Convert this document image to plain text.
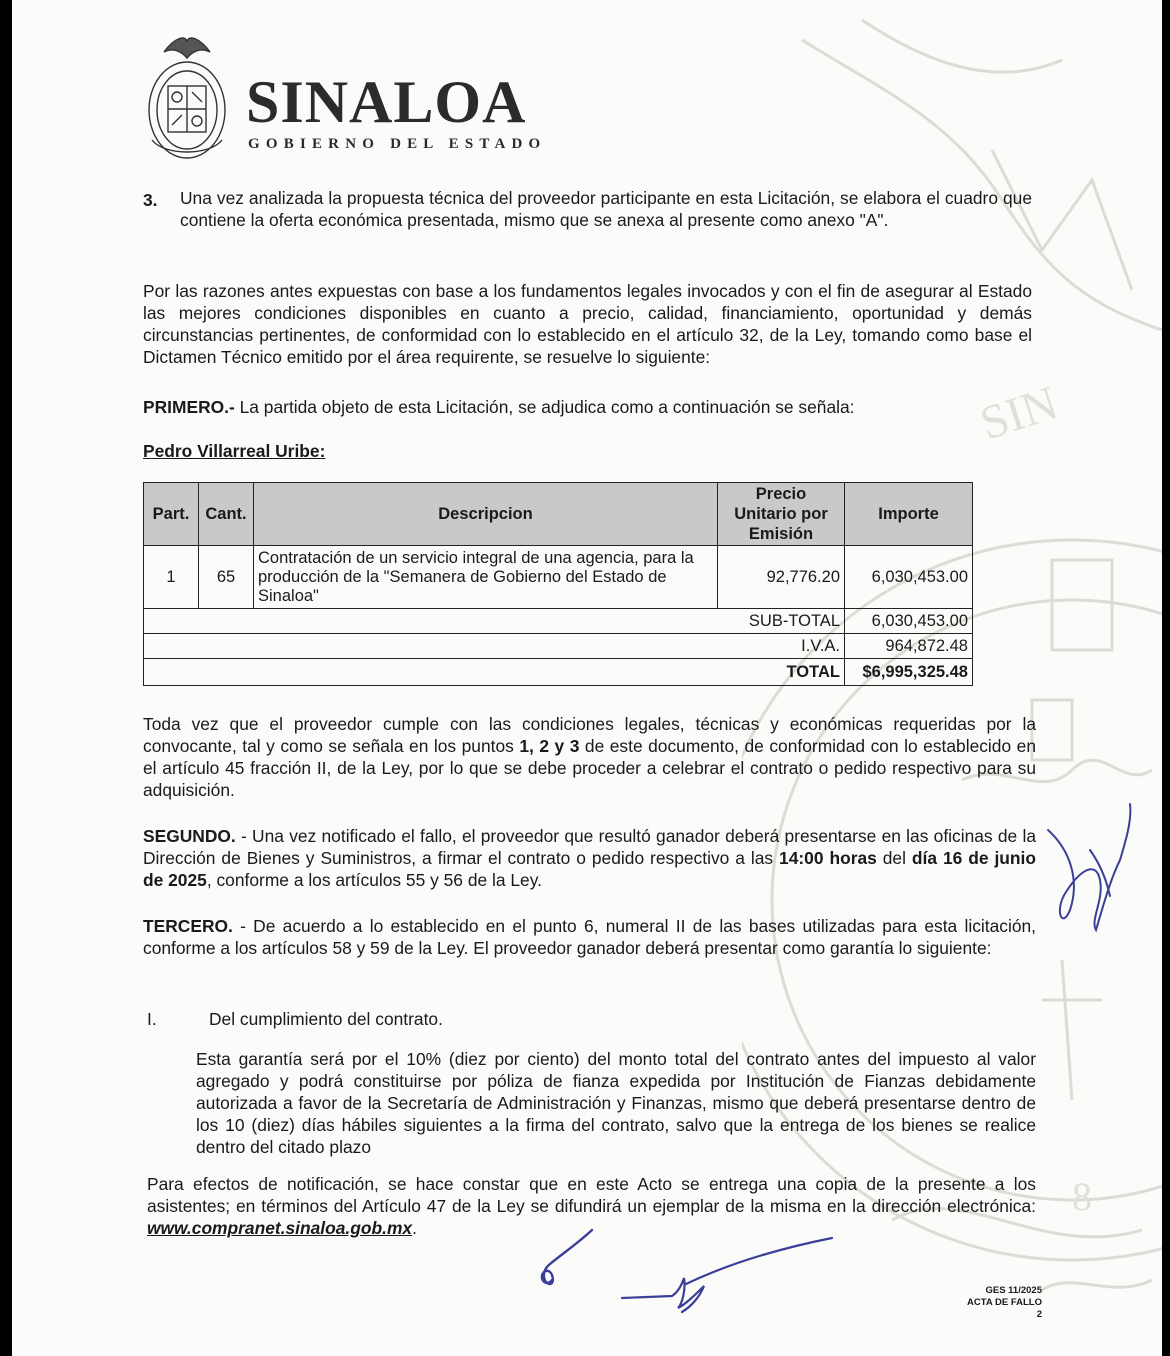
SIN
8
SINALOA
GOBIERNO DEL ESTADO
3. Una vez analizada la propuesta técnica del proveedor participante en esta Licitación, se elabora el cuadro que contiene la oferta económica presentada, mismo que se anexa al presente como anexo "A".
Por las razones antes expuestas con base a los fundamentos legales invocados y con el fin de asegurar al Estado las mejores condiciones disponibles en cuanto a precio, calidad, financiamiento, oportunidad y demás circunstancias pertinentes, de conformidad con lo establecido en el artículo 32, de la Ley, tomando como base el Dictamen Técnico emitido por el área requirente, se resuelve lo siguiente:
PRIMERO.- La partida objeto de esta Licitación, se adjudica como a continuación se señala:
Pedro Villarreal Uribe:
Part.	Cant.	Descripcion	Precio Unitario por Emisión	Importe
1	65	Contratación de un servicio integral de una agencia, para la producción de la "Semanera de Gobierno del Estado de Sinaloa"	92,776.20	6,030,453.00
SUB-TOTAL				6,030,453.00
I.V.A.				964,872.48
TOTAL				$6,995,325.48
Toda vez que el proveedor cumple con las condiciones legales, técnicas y económicas requeridas por la convocante, tal y como se señala en los puntos 1, 2 y 3 de este documento, de conformidad con lo establecido en el artículo 45 fracción II, de la Ley, por lo que se debe proceder a celebrar el contrato o pedido respectivo para su adquisición.
SEGUNDO. - Una vez notificado el fallo, el proveedor que resultó ganador deberá presentarse en las oficinas de la Dirección de Bienes y Suministros, a firmar el contrato o pedido respectivo a las 14:00 horas del día 16 de junio de 2025, conforme a los artículos 55 y 56 de la Ley.
TERCERO. - De acuerdo a lo establecido en el punto 6, numeral II de las bases utilizadas para esta licitación, conforme a los artículos 58 y 59 de la Ley. El proveedor ganador deberá presentar como garantía lo siguiente:
I.	Del cumplimiento del contrato.
Esta garantía será por el 10% (diez por ciento) del monto total del contrato antes del impuesto al valor agregado y podrá constituirse por póliza de fianza expedida por Institución de Fianzas debidamente autorizada a favor de la Secretaría de Administración y Finanzas, mismo que deberá presentarse dentro de los 10 (diez) días hábiles siguientes a la firma del contrato, salvo que la entrega de los bienes se realice dentro del citado plazo
Para efectos de notificación, se hace constar que en este Acto se entrega una copia de la presente a los asistentes; en términos del Artículo 47 de la Ley se difundirá un ejemplar de la misma en la dirección electrónica: www.compranet.sinaloa.gob.mx.
GES 11/2025
ACTA DE FALLO
2
